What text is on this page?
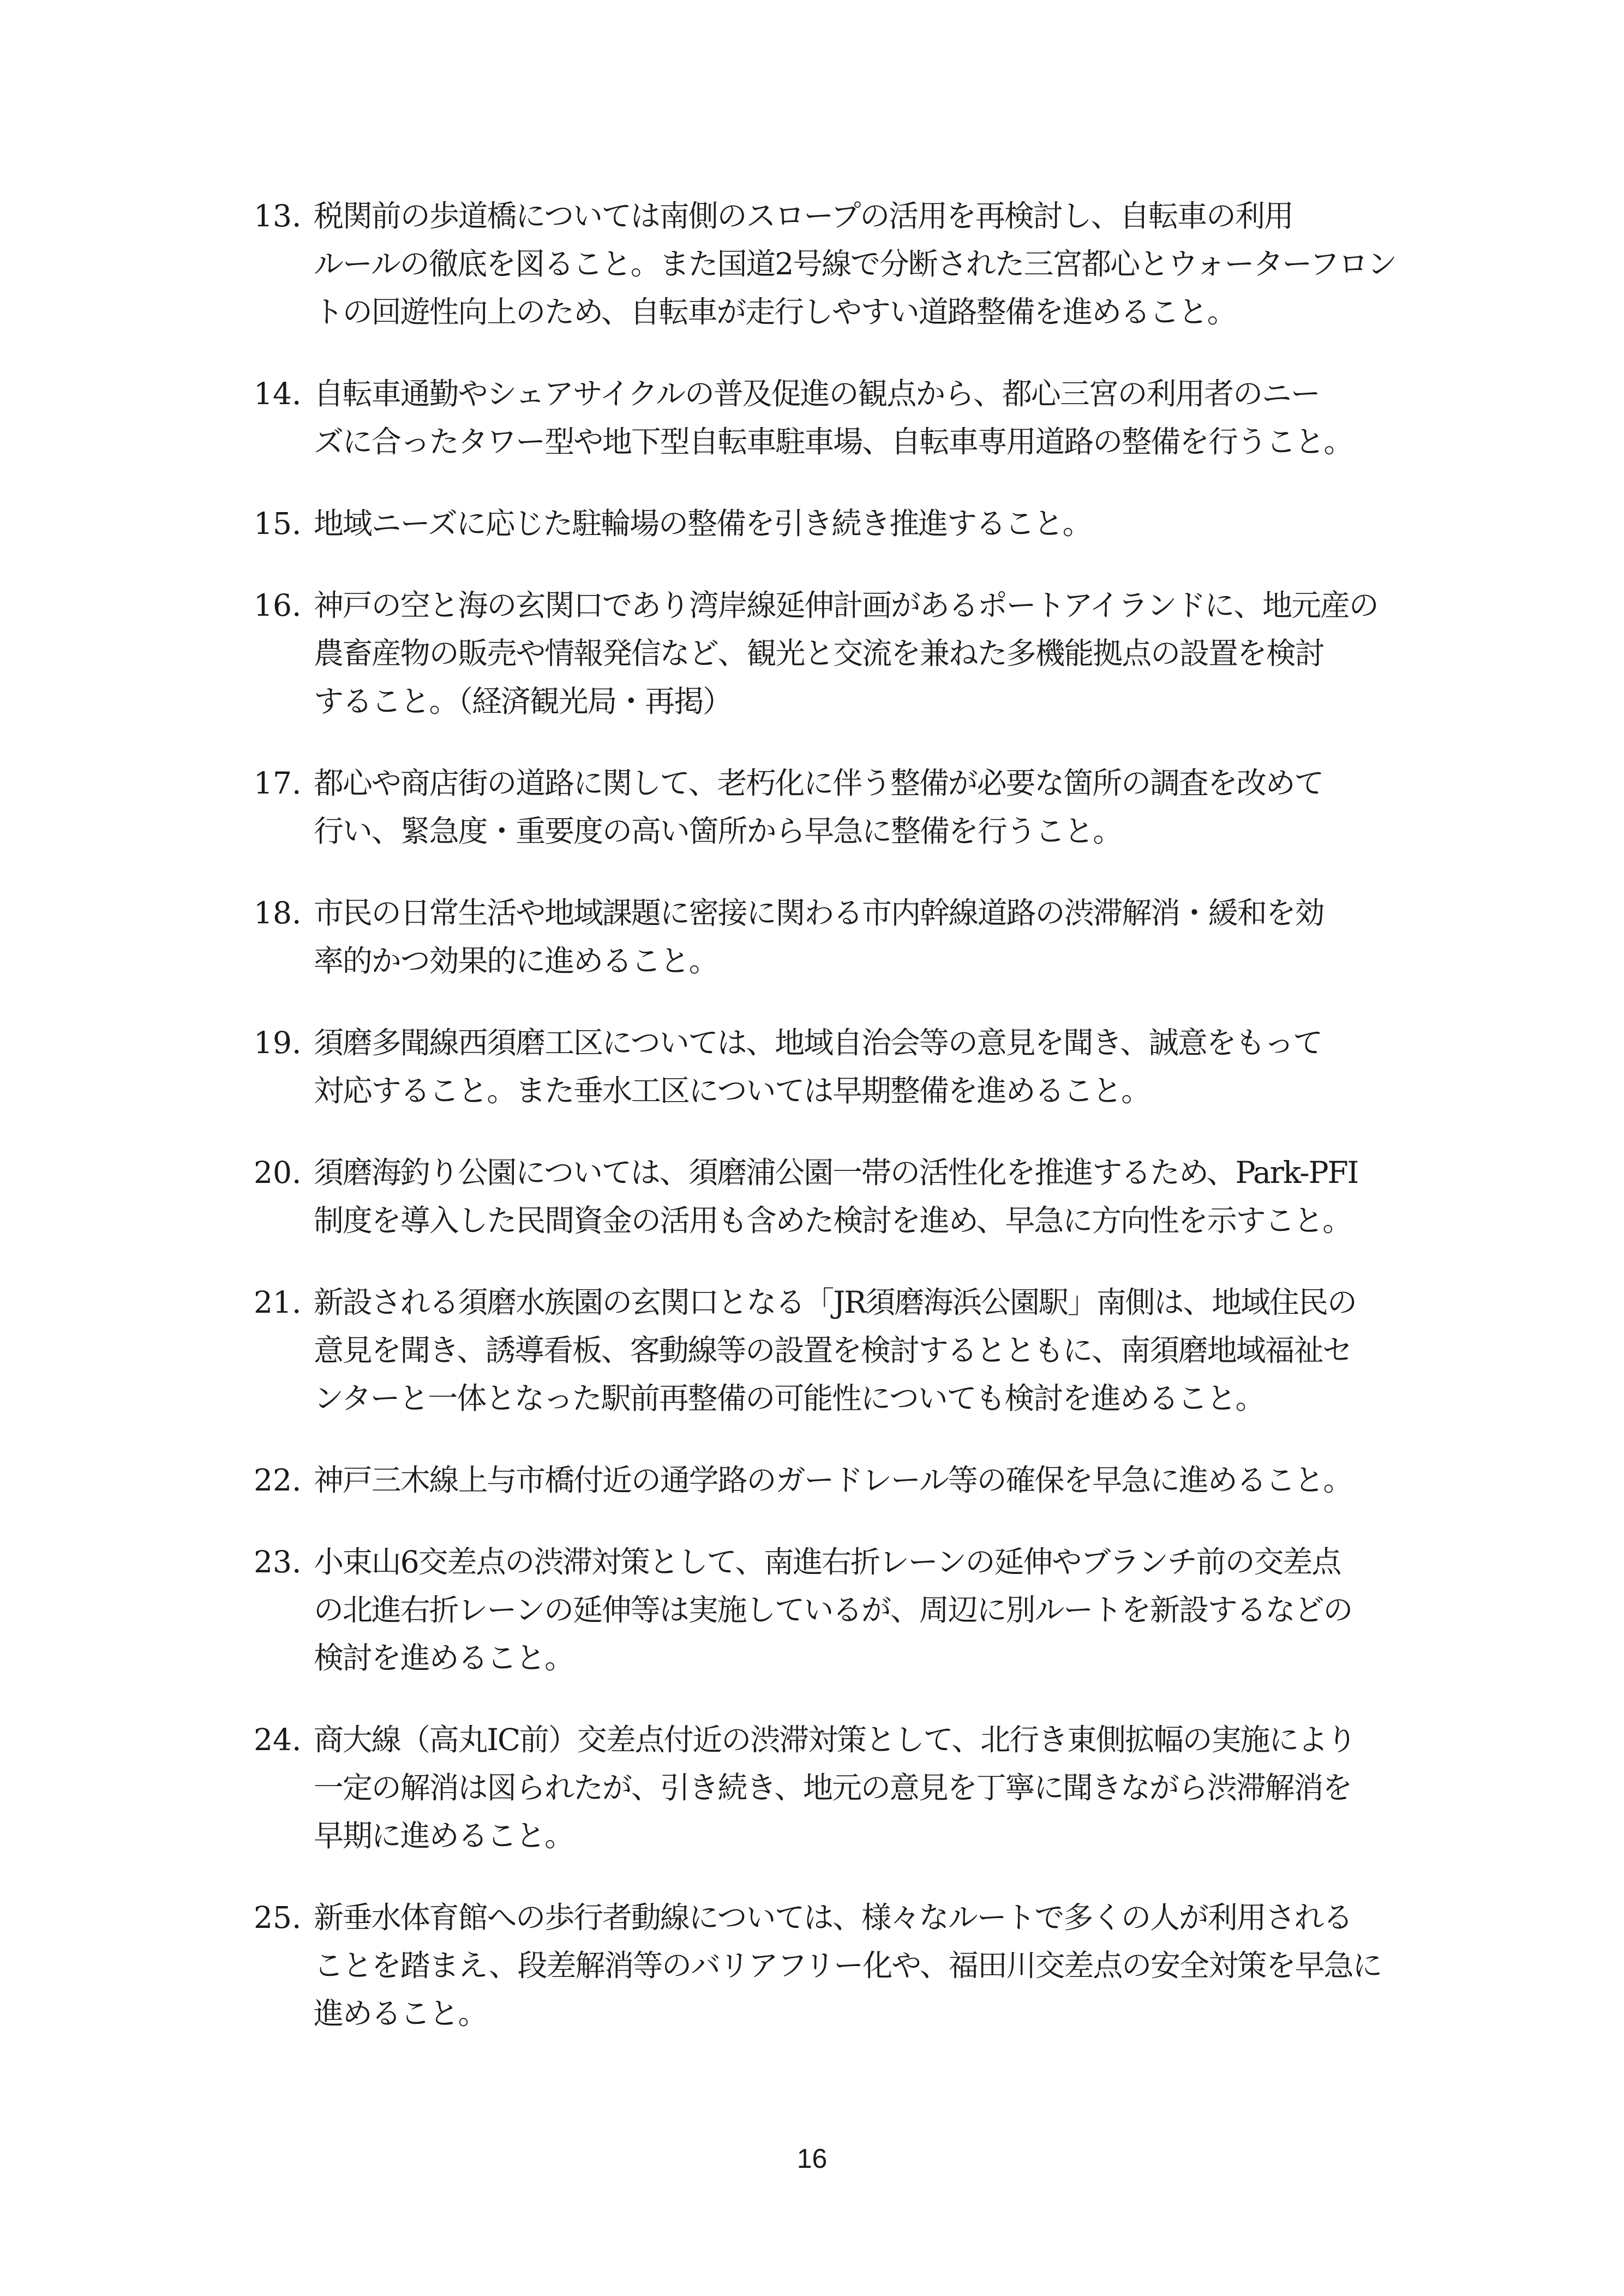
13. 税関前の歩道橋については南側のスロープの活用を再検討し、自転車の利用
ルールの徹底を図ること。また国道2号線で分断された三宮都心とウォーターフロン
トの回遊性向上のため、自転車が走行しやすい道路整備を進めること。
14. 自転車通勤やシェアサイクルの普及促進の観点から、都心三宮の利用者のニー
ズに合ったタワー型や地下型自転車駐車場、自転車専用道路の整備を行うこと。
15. 地域ニーズに応じた駐輪場の整備を引き続き推進すること。
16. 神戸の空と海の玄関口であり湾岸線延伸計画があるポートアイランドに、地元産の
農畜産物の販売や情報発信など、観光と交流を兼ねた多機能拠点の設置を検討
すること。（経済観光局・再掲）
17. 都心や商店街の道路に関して、老朽化に伴う整備が必要な箇所の調査を改めて
行い、緊急度・重要度の高い箇所から早急に整備を行うこと。
18. 市民の日常生活や地域課題に密接に関わる市内幹線道路の渋滞解消・緩和を効
率的かつ効果的に進めること。
19. 須磨多聞線西須磨工区については、地域自治会等の意見を聞き、誠意をもって
対応すること。また垂水工区については早期整備を進めること。
20. 須磨海釣り公園については、須磨浦公園一帯の活性化を推進するため、Park-PFI
制度を導入した民間資金の活用も含めた検討を進め、早急に方向性を示すこと。
21. 新設される須磨水族園の玄関口となる「JR須磨海浜公園駅」南側は、地域住民の
意見を聞き、誘導看板、客動線等の設置を検討するとともに、南須磨地域福祉セ
ンターと一体となった駅前再整備の可能性についても検討を進めること。
22. 神戸三木線上与市橋付近の通学路のガードレール等の確保を早急に進めること。
23. 小束山6交差点の渋滞対策として、南進右折レーンの延伸やブランチ前の交差点
の北進右折レーンの延伸等は実施しているが、周辺に別ルートを新設するなどの
検討を進めること。
24. 商大線（高丸IC前）交差点付近の渋滞対策として、北行き東側拡幅の実施により
一定の解消は図られたが、引き続き、地元の意見を丁寧に聞きながら渋滞解消を
早期に進めること。
25. 新垂水体育館への歩行者動線については、様々なルートで多くの人が利用される
ことを踏まえ、段差解消等のバリアフリー化や、福田川交差点の安全対策を早急に
進めること。
16
